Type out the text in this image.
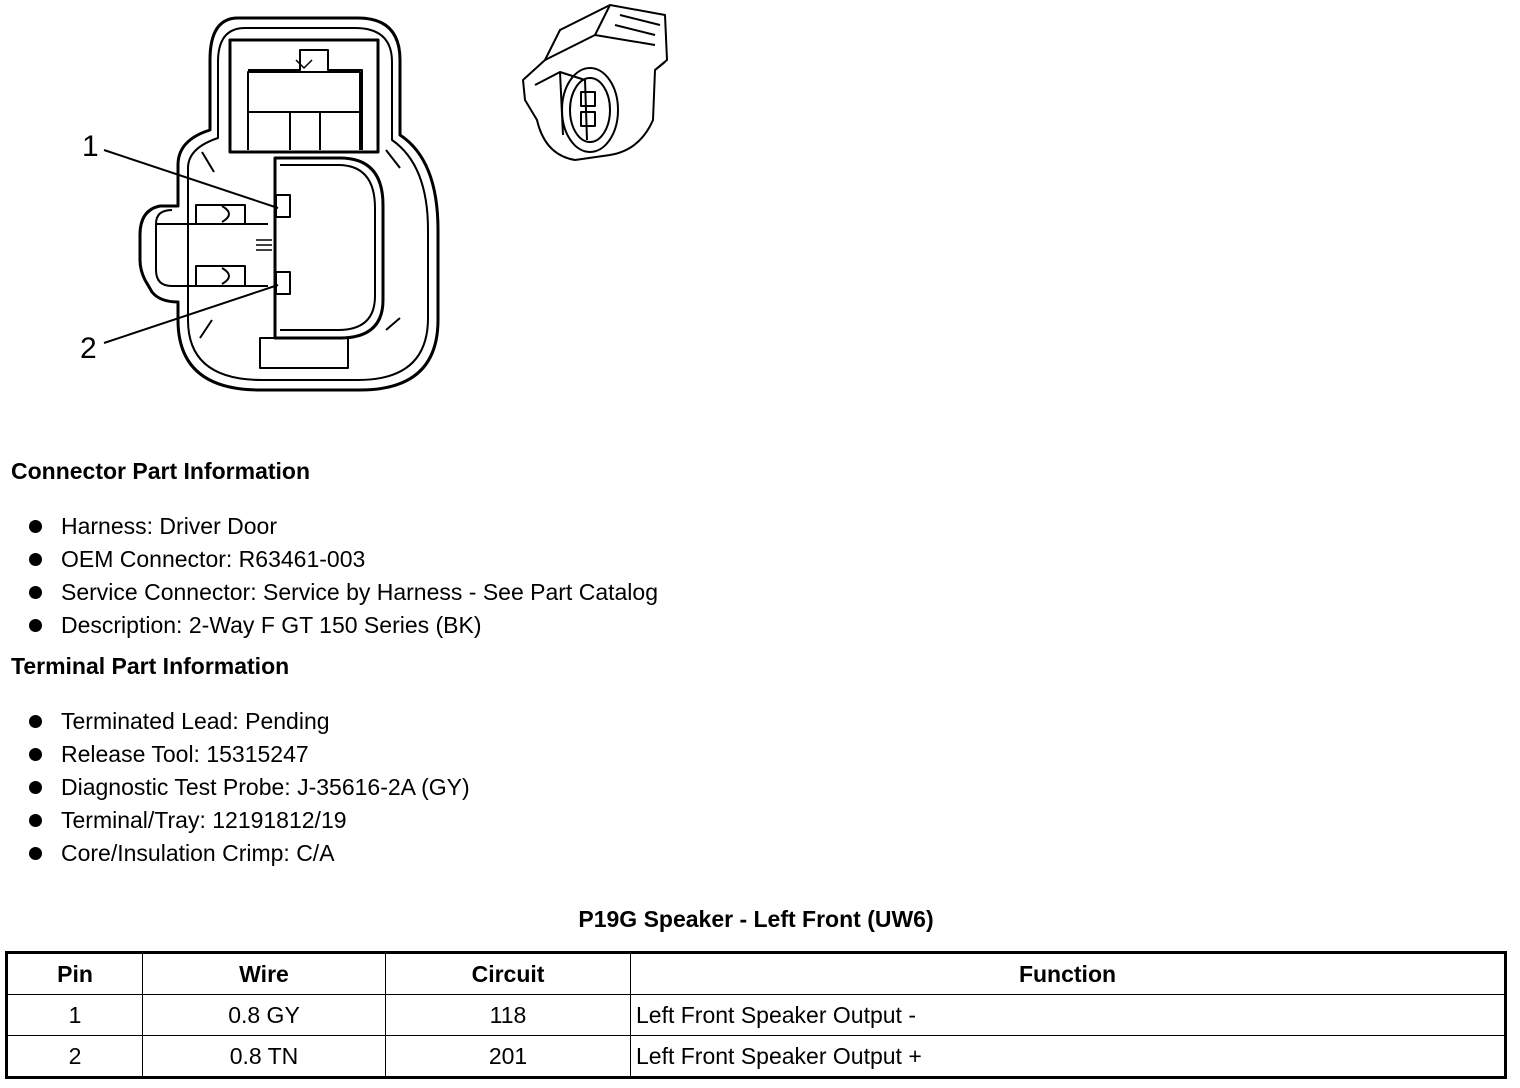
1
2
Connector Part Information
Harness: Driver Door
OEM Connector: R63461-003
Service Connector: Service by Harness - See Part Catalog
Description: 2-Way F GT 150 Series (BK)
Terminal Part Information
Terminated Lead: Pending
Release Tool: 15315247
Diagnostic Test Probe: J-35616-2A (GY)
Terminal/Tray: 12191812/19
Core/Insulation Crimp: C/A
P19G Speaker - Left Front (UW6)
Pin	Wire	Circuit	Function
1	0.8 GY	118	Left Front Speaker Output -
2	0.8 TN	201	Left Front Speaker Output +
